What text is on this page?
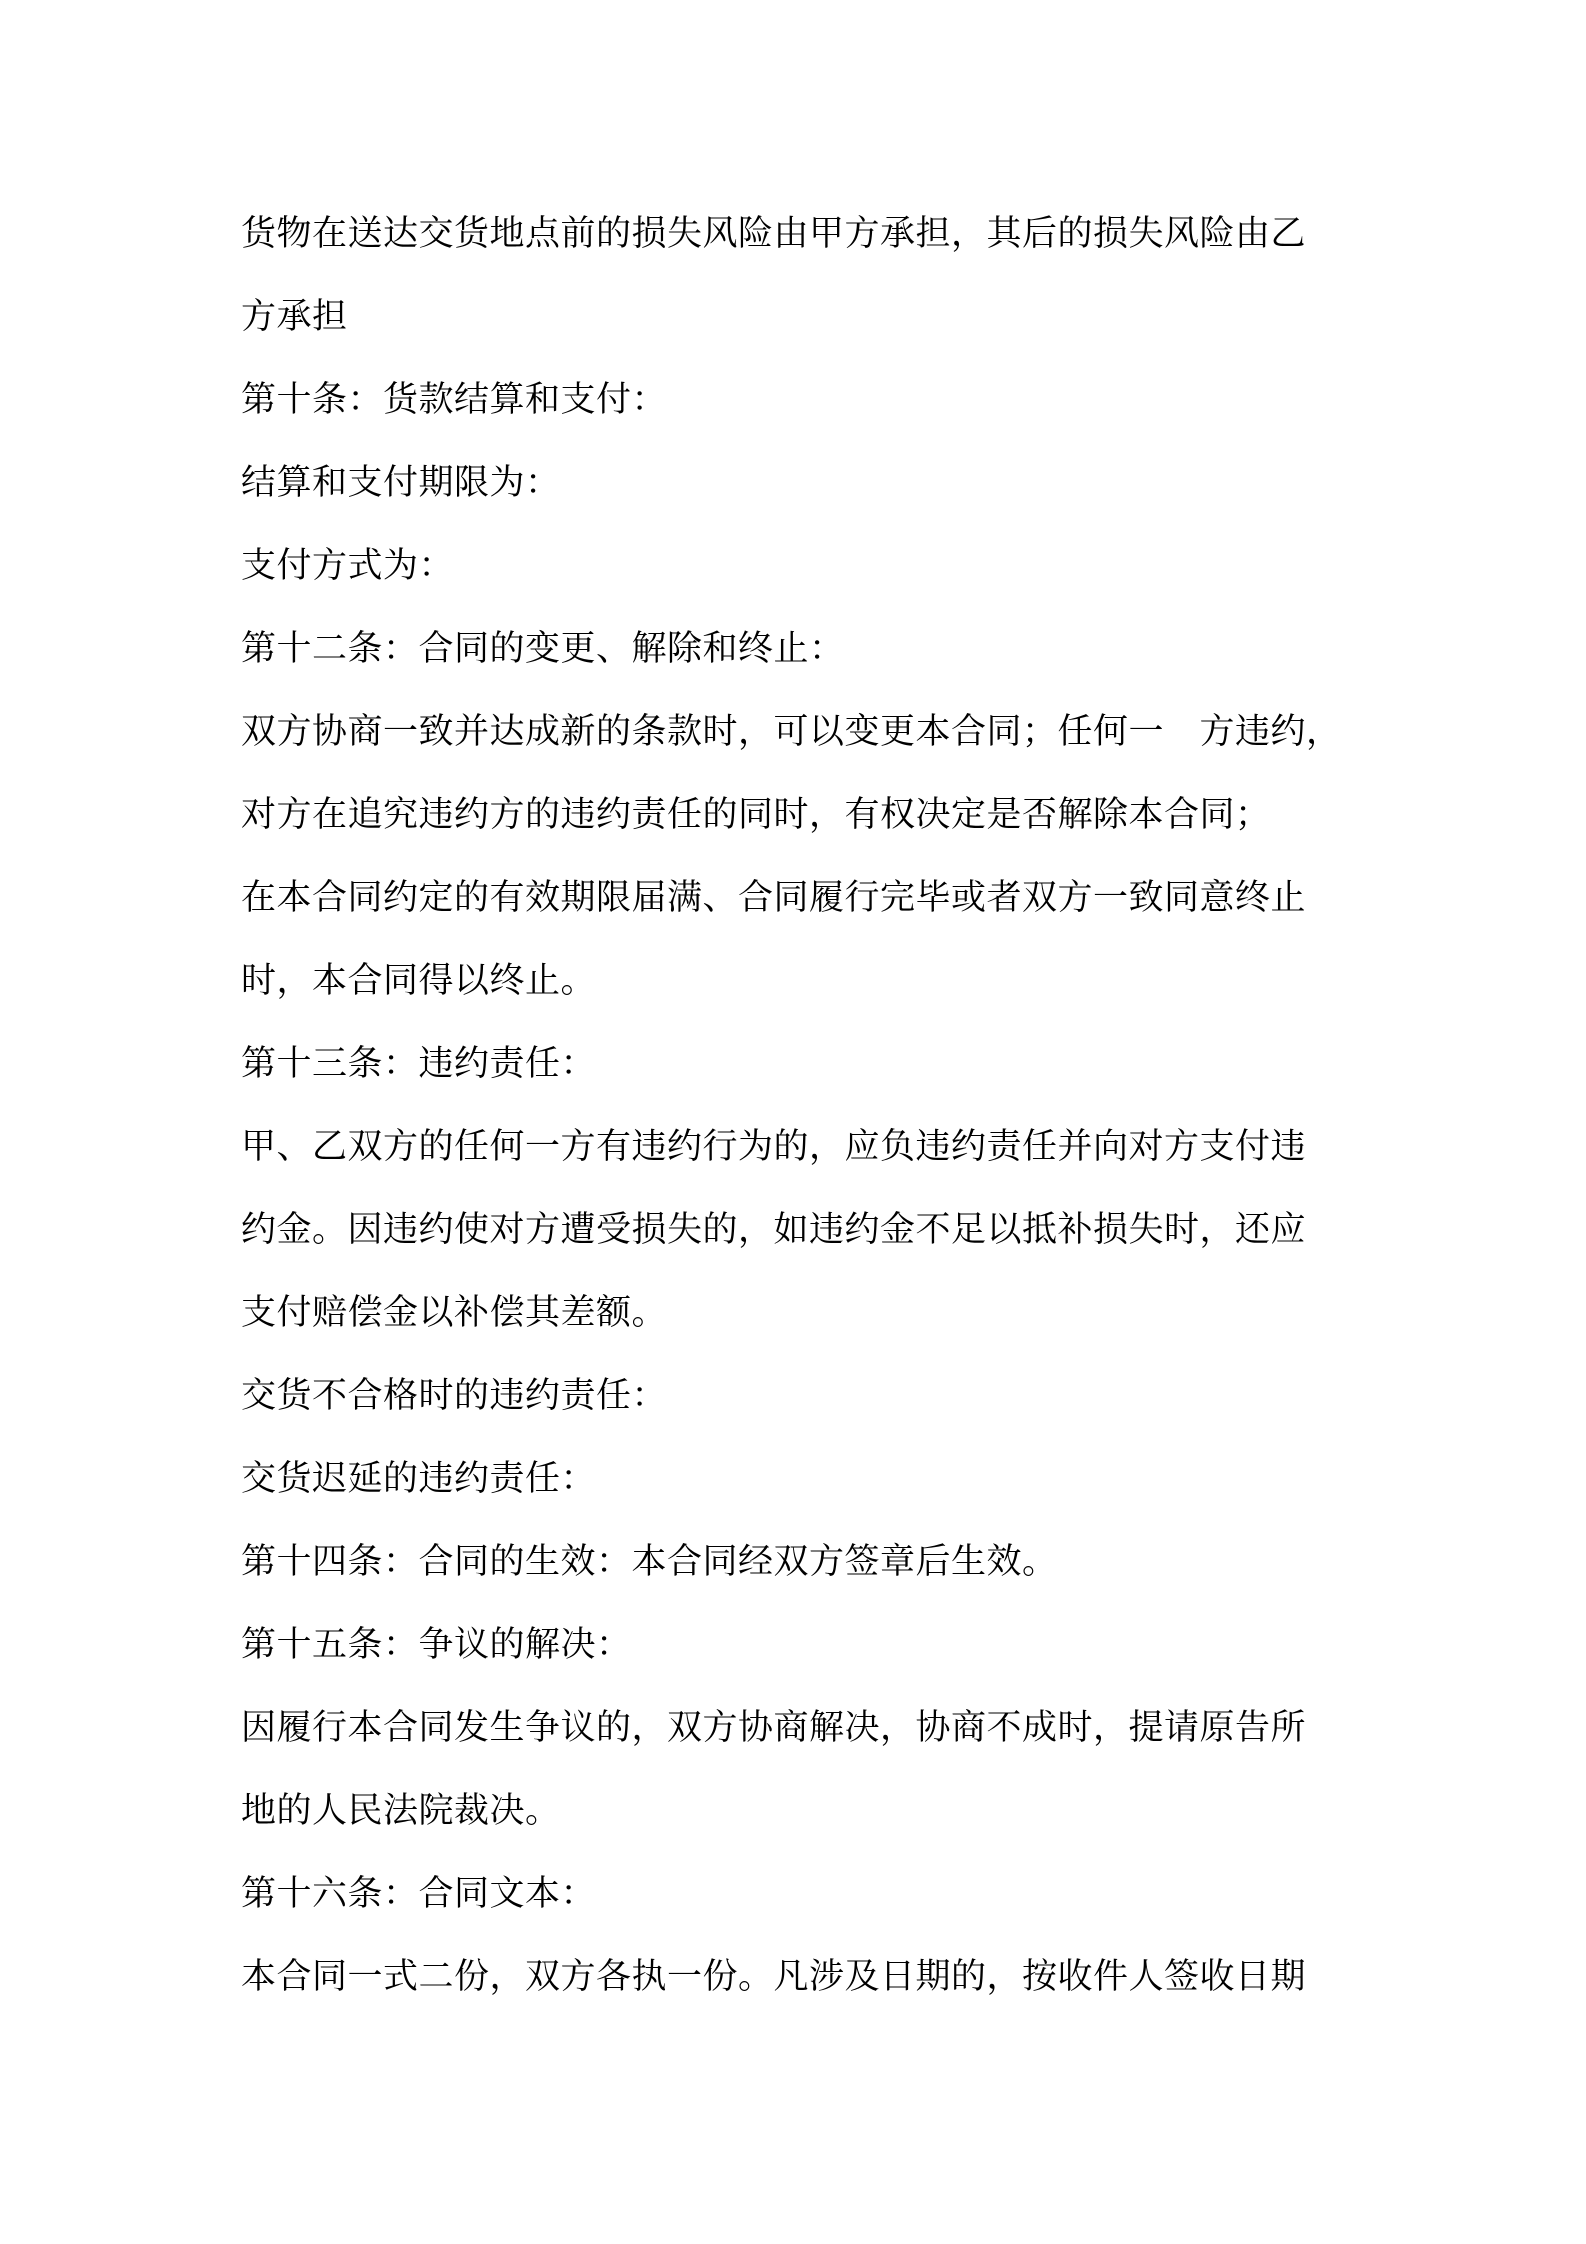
货物在送达交货地点前的损失风险由甲方承担，其后的损失风险由乙
方承担
第十条：货款结算和支付：
结算和支付期限为：
支付方式为：
第十二条：合同的变更、解除和终止：
双方协商一致并达成新的条款时，可以变更本合同；任何一　方违约，
对方在追究违约方的违约责任的同时，有权决定是否解除本合同；
在本合同约定的有效期限届满、合同履行完毕或者双方一致同意终止
时，本合同得以终止。
第十三条：违约责任：
甲、乙双方的任何一方有违约行为的，应负违约责任并向对方支付违
约金。因违约使对方遭受损失的，如违约金不足以抵补损失时，还应
支付赔偿金以补偿其差额。
交货不合格时的违约责任：
交货迟延的违约责任：
第十四条：合同的生效：本合同经双方签章后生效。
第十五条：争议的解决：
因履行本合同发生争议的，双方协商解决，协商不成时，提请原告所
地的人民法院裁决。
第十六条：合同文本：
本合同一式二份，双方各执一份。凡涉及日期的，按收件人签收日期
